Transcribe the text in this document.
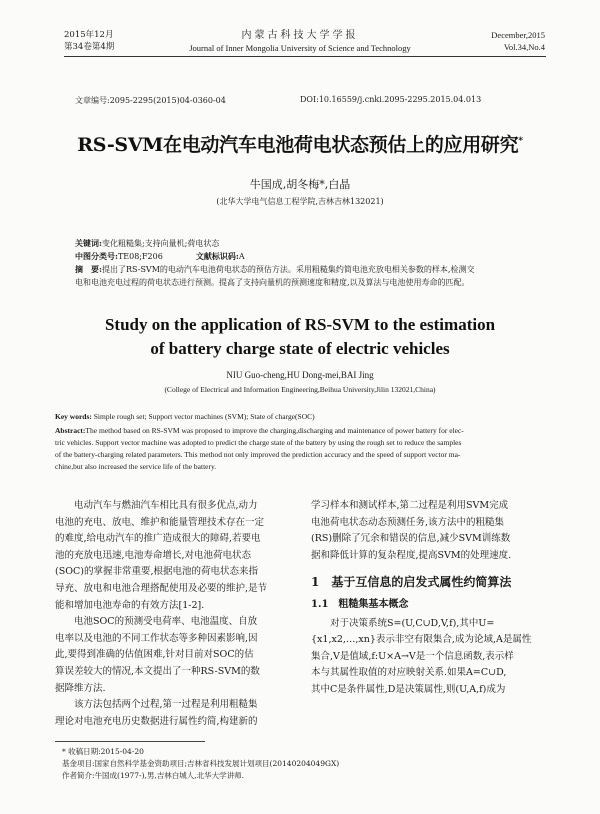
2015年12月
第34卷第4期
内蒙古科技大学学报
Journal of Inner Mongolia University of Science and Technology
December,2015
Vol.34,No.4
文章编号:2095-2295(2015)04-0360-04	DOI:10.16559/j.cnki.2095-2295.2015.04.013
RS-SVM在电动汽车电池荷电状态预估上的应用研究*
牛国成,胡冬梅*,白晶
(北华大学电气信息工程学院,吉林吉林132021)
关键词:变化粗糙集;支持向量机;荷电状态
中图分类号:TE08;F206	文献标识码:A
摘　要:提出了RS-SVM的电动汽车电池荷电状态的预估方法。采用粗糙集约简电池充放电相关参数的样本,检测交
电和电池充电过程的荷电状态进行预测。提高了支持向量机的预测速度和精度,以及算法与电池使用寿命的匹配。
Study on the application of RS-SVM to the estimation
of battery charge state of electric vehicles
NIU Guo-cheng,HU Dong-mei,BAI Jing
(College of Electrical and Information Engineering,Beihua University,Jilin 132021,China)
Key words: Simple rough set; Support vector machines (SVM); State of charge(SOC)
Abstract:The method based on RS-SVM was proposed to improve the charging,discharging and maintenance of power battery for elec-
tric vehicles. Support vector machine was adopted to predict the charge state of the battery by using the rough set to reduce the samples
of the battery-charging related parameters. This method not only improved the prediction accuracy and the speed of support vector ma-
chine,but also increased the service life of the battery.
　　电动汽车与燃油汽车相比具有很多优点,动力
电池的充电、放电、维护和能量管理技术存在一定
的难度,给电动汽车的推广造成很大的障碍,若要电
池的充放电迅速,电池寿命增长,对电池荷电状态
(SOC)的掌握非常重要,根据电池的荷电状态来指
导充、放电和电池合理搭配使用及必要的维护,是节
能和增加电池寿命的有效方法[1-2].
　　电池SOC的预测受电荷率、电池温度、自放
电率以及电池的不同工作状态等多种因素影响,因
此,要得到准确的估值困难,针对目前对SOC的估
算误差较大的情况,本文提出了一种RS-SVM的数
据降维方法.
　　该方法包括两个过程,第一过程是利用粗糙集
理论对电池充电历史数据进行属性约简,构建新的
学习样本和测试样本,第二过程是利用SVM完成
电池荷电状态动态预测任务,该方法中的粗糙集
(RS)删除了冗余和错误的信息,减少SVM训练数
据和降低计算的复杂程度,提高SVM的处理速度.
1　基于互信息的启发式属性约简算法
1.1　粗糙集基本概念
　　对于决策系统S=(U,C∪D,V,f),其中U=
{x1,x2,…,xn}表示非空有限集合,成为论域,A是属性
集合,V是值域,f:U×A→V是一个信息函数,表示样
本与其属性取值的对应映射关系.如果A=C∪D,
其中C是条件属性,D是决策属性,则(U,A,f)成为
* 收稿日期:2015-04-20
基金项目:国家自然科学基金资助项目;吉林省科技发展计划项目(20140204049GX)
作者简介:牛国成(1977-),男,吉林白城人,北华大学讲师.
